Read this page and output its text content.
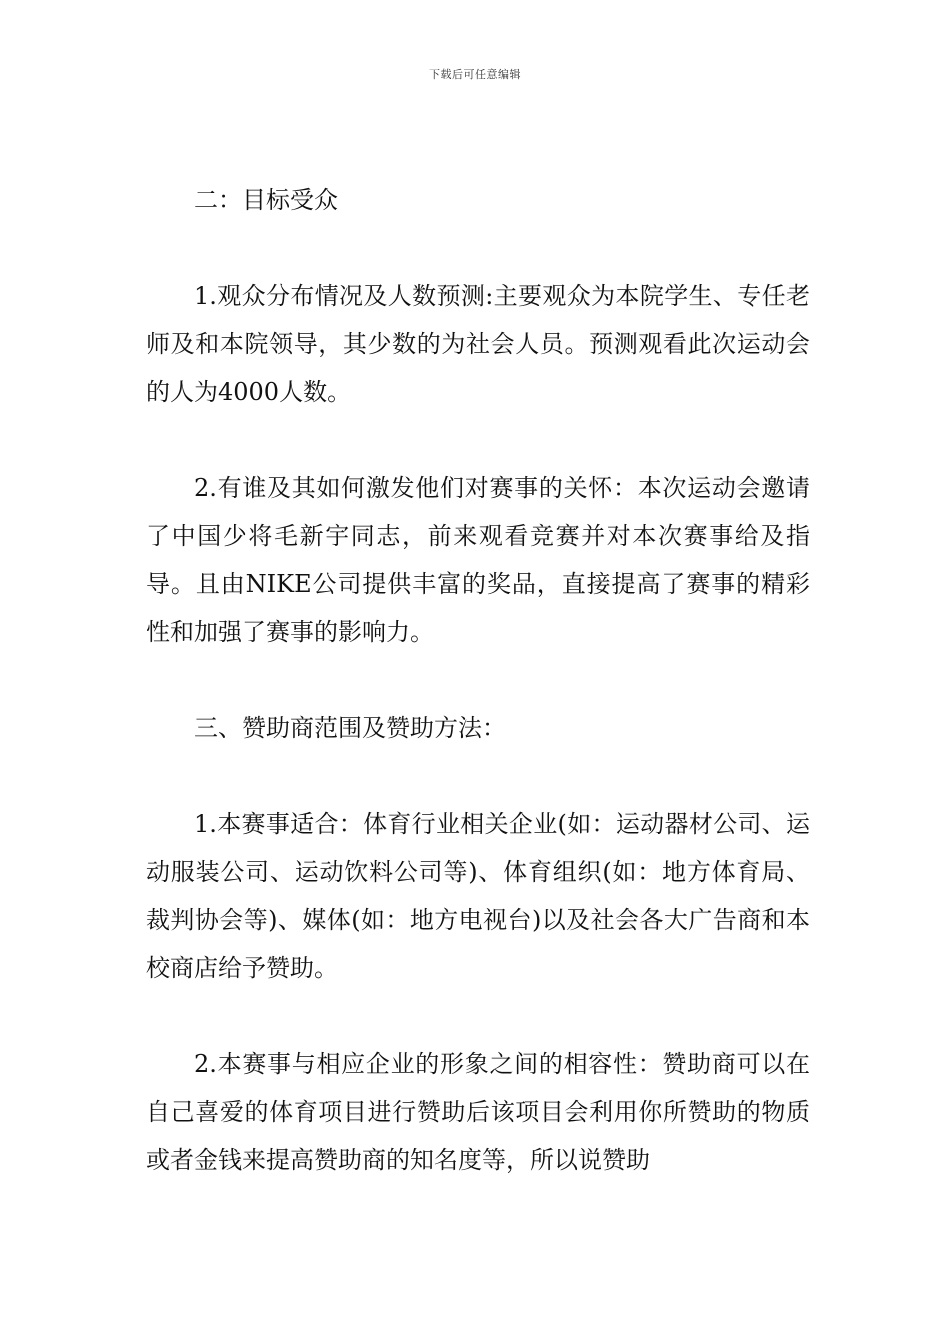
下载后可任意编辑
二：目标受众

1.观众分布情况及人数预测:主要观众为本院学生、专任老师及和本院领导，其少数的为社会人员。预测观看此次运动会的人为4000人数。

2.有谁及其如何激发他们对赛事的关怀：本次运动会邀请了中国少将毛新宇同志，前来观看竞赛并对本次赛事给及指导。且由NIKE公司提供丰富的奖品，直接提高了赛事的精彩性和加强了赛事的影响力。

三、赞助商范围及赞助方法：

1.本赛事适合：体育行业相关企业(如：运动器材公司、运动服装公司、运动饮料公司等)、体育组织(如：地方体育局、裁判协会等)、媒体(如：地方电视台)以及社会各大广告商和本校商店给予赞助。

2.本赛事与相应企业的形象之间的相容性：赞助商可以在自己喜爱的体育项目进行赞助后该项目会利用你所赞助的物质或者金钱来提高赞助商的知名度等，所以说赞助
